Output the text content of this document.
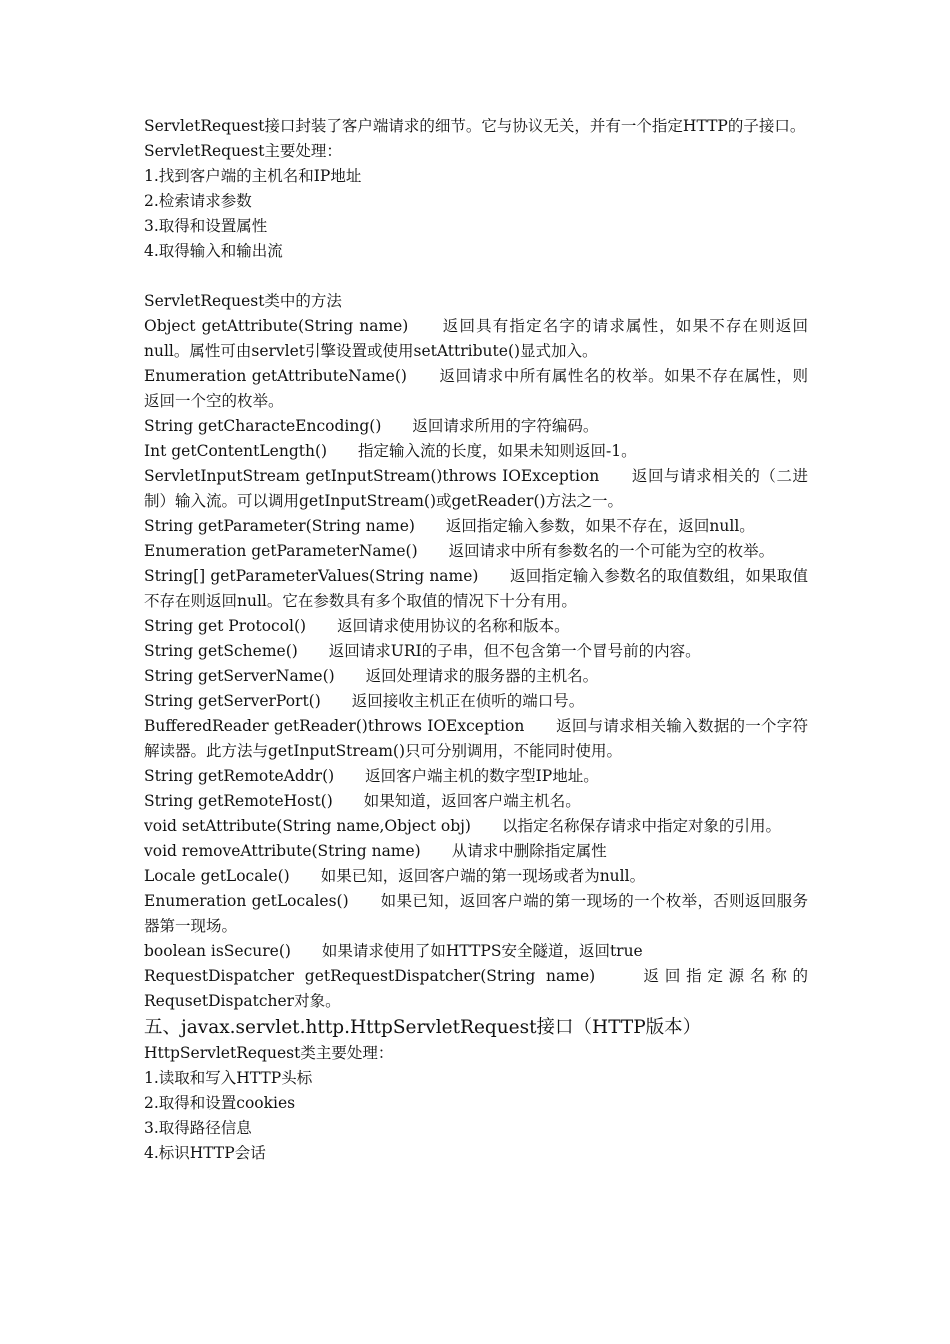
ServletRequest接口封装了客户端请求的细节。它与协议无关，并有一个指定HTTP的子接口。
ServletRequest主要处理：
1.找到客户端的主机名和IP地址
2.检索请求参数
3.取得和设置属性
4.取得输入和输出流
ServletRequest类中的方法
Object getAttribute(String name)　　返回具有指定名字的请求属性，如果不存在则返回null。属性可由servlet引擎设置或使用setAttribute()显式加入。
Enumeration getAttributeName()　　返回请求中所有属性名的枚举。如果不存在属性，则返回一个空的枚举。
String getCharacteEncoding()　　返回请求所用的字符编码。
Int getContentLength()　　指定输入流的长度，如果未知则返回-1。
ServletInputStream getInputStream()throws IOException　　返回与请求相关的（二进制）输入流。可以调用getInputStream()或getReader()方法之一。
String getParameter(String name)　　返回指定输入参数，如果不存在，返回null。
Enumeration getParameterName()　　返回请求中所有参数名的一个可能为空的枚举。
String[] getParameterValues(String name)　　返回指定输入参数名的取值数组，如果取值不存在则返回null。它在参数具有多个取值的情况下十分有用。
String get Protocol()　　返回请求使用协议的名称和版本。
String getScheme()　　返回请求URI的子串，但不包含第一个冒号前的内容。
String getServerName()　　返回处理请求的服务器的主机名。
String getServerPort()　　返回接收主机正在侦听的端口号。
BufferedReader getReader()throws IOException　　返回与请求相关输入数据的一个字符解读器。此方法与getInputStream()只可分别调用，不能同时使用。
String getRemoteAddr()　　返回客户端主机的数字型IP地址。
String getRemoteHost()　　如果知道，返回客户端主机名。
void setAttribute(String name,Object obj)　　以指定名称保存请求中指定对象的引用。
void removeAttribute(String name)　　从请求中删除指定属性
Locale getLocale()　　如果已知，返回客户端的第一现场或者为null。
Enumeration getLocales()　　如果已知，返回客户端的第一现场的一个枚举，否则返回服务器第一现场。
boolean isSecure()　　如果请求使用了如HTTPS安全隧道，返回true
RequestDispatcher getRequestDispatcher(String name)　　返回指定源名称的RequsetDispatcher对象。
五、javax.servlet.http.HttpServletRequest接口（HTTP版本）
HttpServletRequest类主要处理：
1.读取和写入HTTP头标
2.取得和设置cookies
3.取得路径信息
4.标识HTTP会话
